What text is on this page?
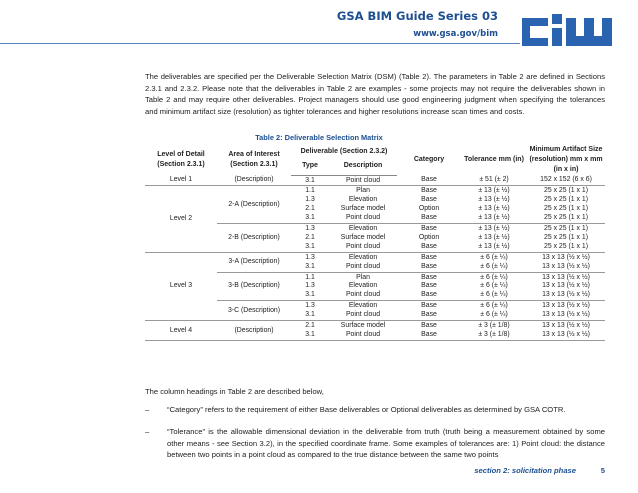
GSA BIM Guide Series 03
www.gsa.gov/bim
The deliverables are specified per the Deliverable Selection Matrix (DSM) (Table 2). The parameters in Table 2 are defined in Sections 2.3.1 and 2.3.2. Please note that the deliverables in Table 2 are examples - some projects may not require the deliverables shown in Table 2 and may require other deliverables. Project managers should use good engineering judgment when specifying the tolerances and minimum artifact size (resolution) as tighter tolerances and higher resolutions increase scan times and costs.
Table 2: Deliverable Selection Matrix
Level of Detail (Section 2.3.1)	Area of Interest (Section 2.3.1)	Deliverable (Section 2.3.2)		Category	Tolerance mm (in)	Minimum Artifact Size (resolution) mm x mm (in x in)
		Type	Description			
Level 1	(Description)	3.1	Point cloud	Base	± 51 (± 2)	152 x 152 (6 x 6)
Level 2	2-A (Description)	1.1	Plan	Base	± 13 (± ½)	25 x 25 (1 x 1)
		1.3	Elevation	Base	± 13 (± ½)	25 x 25 (1 x 1)
		2.1	Surface model	Option	± 13 (± ½)	25 x 25 (1 x 1)
		3.1	Point cloud	Base	± 13 (± ½)	25 x 25 (1 x 1)
	2-B (Description)	1.3	Elevation	Base	± 13 (± ½)	25 x 25 (1 x 1)
		2.1	Surface model	Option	± 13 (± ½)	25 x 25 (1 x 1)
		3.1	Point cloud	Base	± 13 (± ½)	25 x 25 (1 x 1)
Level 3	3-A (Description)	1.3	Elevation	Base	± 6 (± ¼)	13 x 13 (½ x ½)
		3.1	Point cloud	Base	± 6 (± ¼)	13 x 13 (½ x ½)
	3-B (Description)	1.1	Plan	Base	± 6 (± ¼)	13 x 13 (½ x ½)
		1.3	Elevation	Base	± 6 (± ¼)	13 x 13 (½ x ½)
		3.1	Point cloud	Base	± 6 (± ¼)	13 x 13 (½ x ½)
	3-C (Description)	1.3	Elevation	Base	± 6 (± ¼)	13 x 13 (½ x ½)
		3.1	Point cloud	Base	± 6 (± ¼)	13 x 13 (½ x ½)
Level 4	(Description)	2.1	Surface model	Base	± 3 (± 1/8)	13 x 13 (½ x ½)
		3.1	Point cloud	Base	± 3 (± 1/8)	13 x 13 (½ x ½)
The column headings in Table 2 are described below,
– “Category” refers to the requirement of either Base deliverables or Optional deliverables as determined by GSA COTR.
– “Tolerance” is the allowable dimensional deviation in the deliverable from truth (truth being a measurement obtained by some other means - see Section 3.2), in the specified coordinate frame. Some examples of tolerances are: 1) Point cloud: the distance between two points in a point cloud as compared to the true distance between the same two points
section 2: solicitation phase	5
